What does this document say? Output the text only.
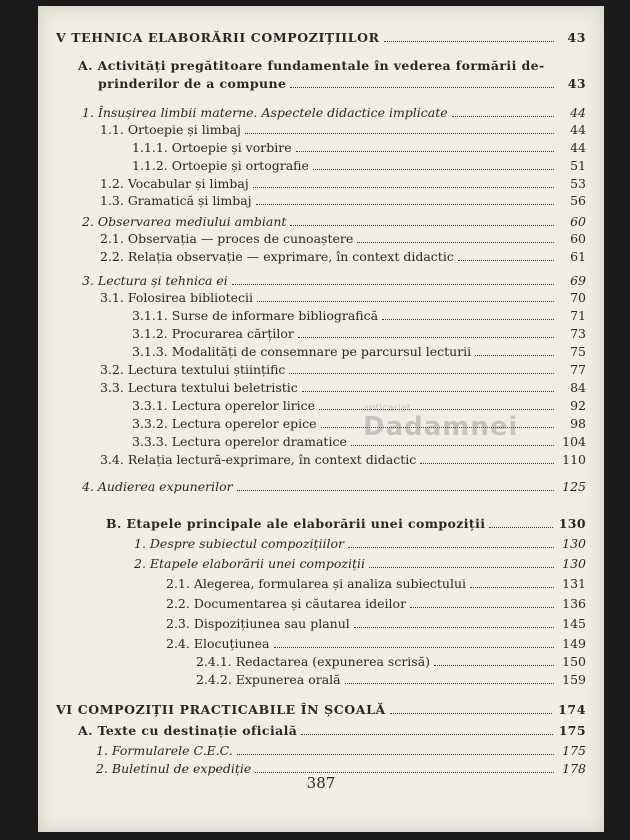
V TEHNICA ELABORĂRII COMPOZIȚIILOR	43
A. Activități pregătitoare fundamentale în vederea formării de-
prinderilor de a compune	43
1. Însușirea limbii materne. Aspectele didactice implicate	44
1.1. Ortoepie și limbaj	44
1.1.1. Ortoepie și vorbire	44
1.1.2. Ortoepie și ortografie	51
1.2. Vocabular și limbaj	53
1.3. Gramatică și limbaj	56
2. Observarea mediului ambiant	60
2.1. Observația — proces de cunoaștere	60
2.2. Relația observație — exprimare, în context didactic	61
3. Lectura și tehnica ei	69
3.1. Folosirea bibliotecii	70
3.1.1. Surse de informare bibliografică	71
3.1.2. Procurarea cărților	73
3.1.3. Modalități de consemnare pe parcursul lecturii	75
3.2. Lectura textului științific	77
3.3. Lectura textului beletristic	84
3.3.1. Lectura operelor lirice	92
3.3.2. Lectura operelor epice	98
3.3.3. Lectura operelor dramatice	104
3.4. Relația lectură-exprimare, în context didactic	110
4. Audierea expunerilor	125
B. Etapele principale ale elaborării unei compoziții	130
1. Despre subiectul compozițiilor	130
2. Etapele elaborării unei compoziții	130
2.1. Alegerea, formularea și analiza subiectului	131
2.2. Documentarea și căutarea ideilor	136
2.3. Dispozițiunea sau planul	145
2.4. Elocuțiunea	149
2.4.1. Redactarea (expunerea scrisă)	150
2.4.2. Expunerea orală	159
VI COMPOZIȚII PRACTICABILE ÎN ȘCOALĂ	174
A. Texte cu destinație oficială	175
1. Formularele C.E.C.	175
2. Buletinul de expediție	178
anticariat
Dadamnei
387
